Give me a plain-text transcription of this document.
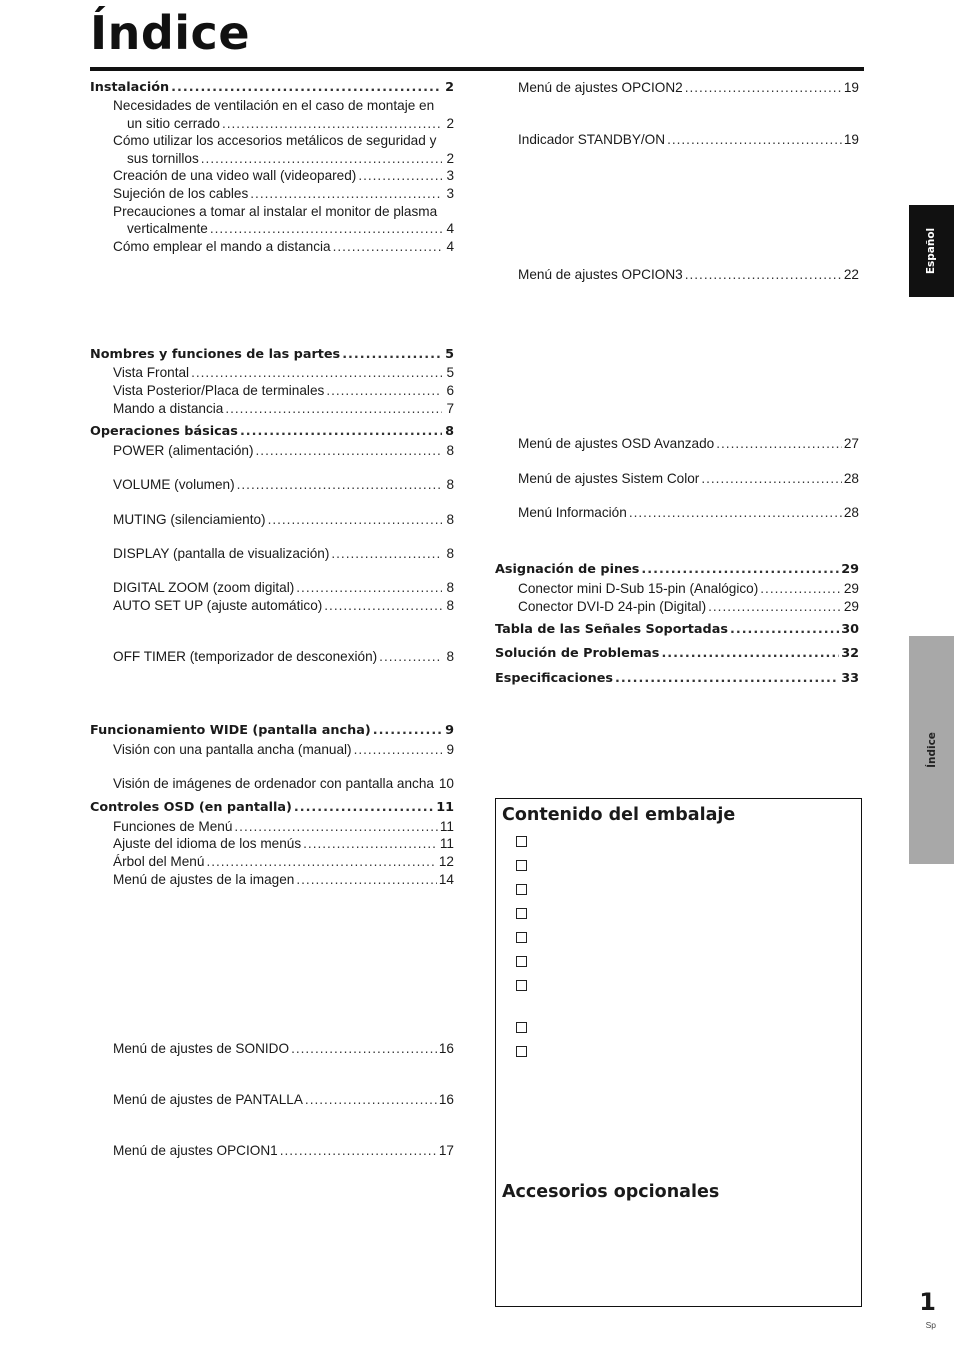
Índice
Español
Índice
Instalación .....	2
Necesidades de ventilación en el caso de montaje en
un sitio cerrado .....	2
Cómo utilizar los accesorios metálicos de seguridad y
sus tornillos .....	2
Creación de una video wall (videopared) .....	3
Sujeción de los cables .....	3
Precauciones a tomar al instalar el monitor de plasma
verticalmente .....	4
Cómo emplear el mando a distancia .....	4
Nombres y funciones de las partes .....	5
Vista Frontal .....	5
Vista Posterior/Placa de terminales .....	6
Mando a distancia .....	7
Operaciones básicas .....	8
POWER (alimentación) .....	8
VOLUME (volumen) .....	8
MUTING (silenciamiento) .....	8
DISPLAY (pantalla de visualización) .....	8
DIGITAL ZOOM (zoom digital) .....	8
AUTO SET UP (ajuste automático) .....	8
OFF TIMER (temporizador de desconexión) .....	8
Funcionamiento WIDE (pantalla ancha) .....	9
Visión con una pantalla ancha (manual) .....	9
Visión de imágenes de ordenador con pantalla ancha ..... 10
Controles OSD (en pantalla) .....	11
Funciones de Menú .....	11
Ajuste del idioma de los menús .....	11
Árbol del Menú .....	12
Menú de ajustes de la imagen .....	14
Menú de ajustes de SONIDO .....	16
Menú de ajustes de PANTALLA .....	16
Menú de ajustes OPCION1 .....	17
Menú de ajustes OPCION2 .....	19
Indicador STANDBY/ON .....	19
Menú de ajustes OPCION3 .....	22
Menú de ajustes OSD Avanzado .....	27
Menú de ajustes Sistem Color .....	28
Menú Información .....	28
Asignación de pines .....	29
Conector mini D-Sub 15-pin (Analógico) .....	29
Conector DVI-D 24-pin (Digital) .....	29
Tabla de las Señales Soportadas .....	30
Solución de Problemas .....	32
Especificaciones .....	33
Contenido del embalaje
Accesorios opcionales
1
Sp
